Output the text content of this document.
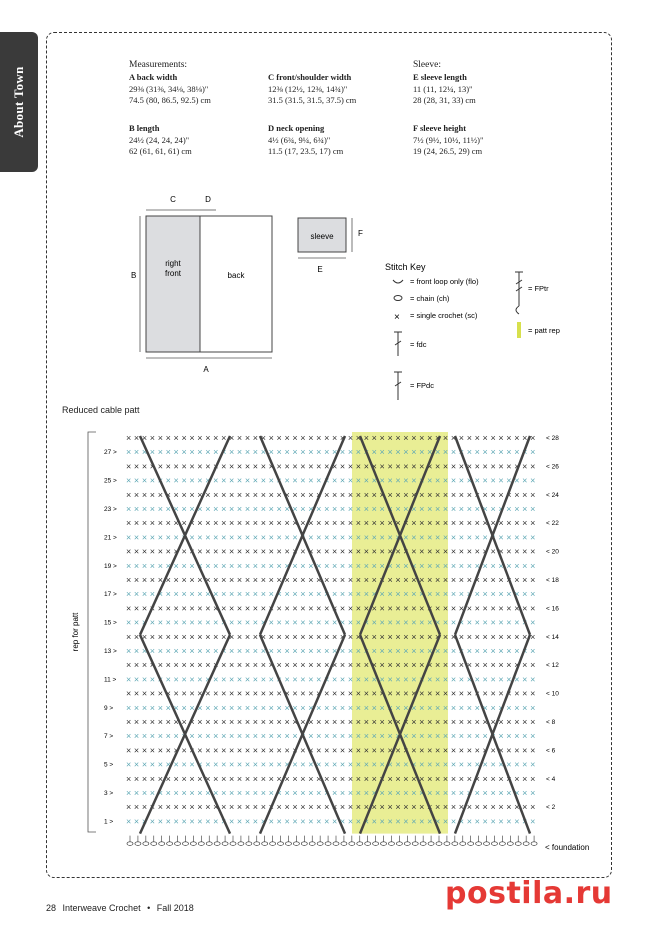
About Town
Measurements:	Sleeve:
A back width
29⅜ (31⅜, 34⅛, 38⅛)"
74.5 (80, 86.5, 92.5) cm
C front/shoulder width
12⅜ (12½, 12⅜, 14¾)"
31.5 (31.5, 31.5, 37.5) cm
E sleeve length
11 (11, 12¼, 13)"
28 (28, 31, 33) cm
B length
24½ (24, 24, 24)"
62 (61, 61, 61) cm
D neck opening
4½ (6¾, 9¼, 6¾)"
11.5 (17, 23.5, 17) cm
F sleeve height
7½ (9½, 10½, 11½)"
19 (24, 26.5, 29) cm
C	D
right
front	back
B
A
sleeve
E
F
Stitch Key
= front loop only (flo)
= chain (ch)
× = single crochet (sc)
= fdc
= FPdc
= FPtr
= patt rep
Reduced cable patt
rep for patt
× × × × × × × × × × × × × × × × × × × × × × × × × × × × × × × × × × × × × × × × × × × × × × × × × × × ×
× × × × × × × × × × × × × × × × × × × × × × × × × × × × × × × × × × × × × × × × × × × × × × × ×
× × × × × × × × × × × × × × × × × × × × × × × × × × × × × × × × × × × × × × × × × × × × × × × × × ×
× × × × × × × × × × × × × × × × × × × × × × × × × × × × × × × × × × × × × × × × × × × × × × × ×
× × × × × × × × × × × × × × × × × × × × × × × × × × × × × × × × × × × × × × × × × × × × × × × × ×
× × × × × × × × × × × × × × × × × × × × × × × × × × × × × × × × × × × × × × × × × × × × × × × × × × ×
× × × × × × × × × × × × × × × × × × × × × × × × × × × × × × × × × × × × × × × × × × × × × × × × × × ×
× × × × × × × × × × × × × × × × × × × × × × × × × × × × × × × × × × × × × × × × × × × × × × × ×
× × × × × × × × × × × × × × × × × × × × × × × × × × × × × × × × × × × × × × × × × × × × × × × ×
× × × × × × × × × × × × × × × × × × × × × × × × × × × × × × × × × × × × × × × × × × × × × × × × × × ×
× × × × × × × × × × × × × × × × × × × × × × × × × × × × × × × × × × × × × × × × × × × × × × × × × ×
× × × × × × × × × × × × × × × × × × × × × × × × × × × × × × × × × × × × × × × × × × × × × × × × × ×
× × × × × × × × × × × × × × × × × × × × × × × × × × × × × × × × × × × × × × × × × × × × × × × ×
× × × × × × × × × × × × × × × × × × × × × × × × × × × × × × × × × × × × × × × × × × × × × × × × ×
× × × × × × × × × × × × × × × × × × × × × × × × × × × × × × × × × × × × × × × × × × × × × × × × × × × ×
× × × × × × × × × × × × × × × × × × × × × × × × × × × × × × × × × × × × × × × × × × × × × × × ×
× × × × × × × × × × × × × × × × × × × × × × × × × × × × × × × × × × × × × × × × × × × × × × × × × ×
× × × × × × × × × × × × × × × × × × × × × × × × × × × × × × × × × × × × × × × × × × × × × × × ×
× × × × × × × × × × × × × × × × × × × × × × × × × × × × × × × × × × × × × × × × × × × × × × × × ×
× × × × × × × × × × × × × × × × × × × × × × × × × × × × × × × × × × × × × × × × × × × × × × × × × × ×
× × × × × × × × × × × × × × × × × × × × × × × × × × × × × × × × × × × × × × × × × × × × × × × × × × ×
× × × × × × × × × × × × × × × × × × × × × × × × × × × × × × × × × × × × × × × × × × × × × × × ×
× × × × × × × × × × × × × × × × × × × × × × × × × × × × × × × × × × × × × × × × × × × × × × × ×
× × × × × × × × × × × × × × × × × × × × × × × × × × × × × × × × × × × × × × × × × × × × × × × × × × ×
× × × × × × × × × × × × × × × × × × × × × × × × × × × × × × × × × × × × × × × × × × × × × × × × × ×
× × × × × × × × × × × × × × × × × × × × × × × × × × × × × × × × × × × × × × × × × × × × × × × × × ×
× × × × × × × × × × × × × × × × × × × × × × × × × × × × × × × × × × × × × × × × × × × × × × × ×
× × × × × × × × × × × × × × × × × × × × × × × × × × × × × × × × × × × × × × × × × × × × × × × × ×
27 >
25 >
23 >
21 >
19 >
17 >
15 >
13 >
11 >
9 >
7 >
5 >
3 >
1 >
< 28
< 26
< 24
< 22
< 20
< 18
< 16
< 14
< 12
< 10
< 8
< 6
< 4
< 2
< foundation
28 Interweave Crochet • Fall 2018	postila.ru
